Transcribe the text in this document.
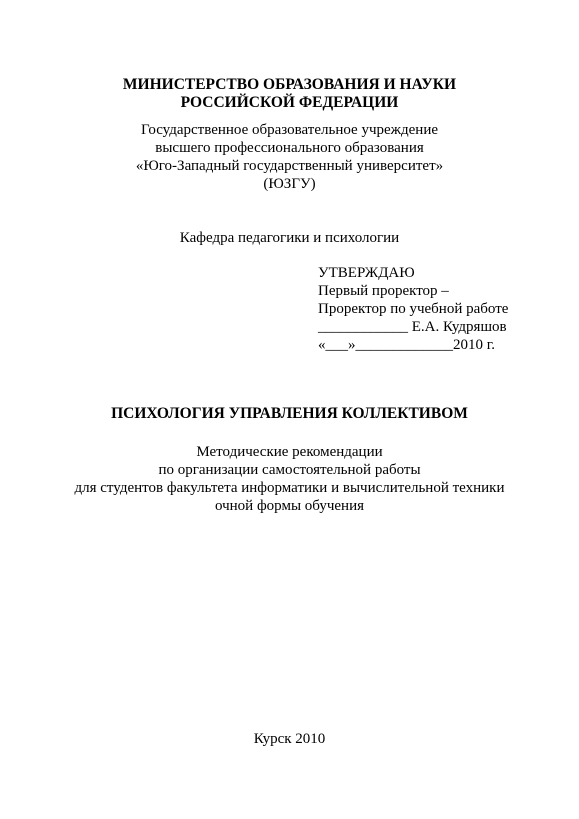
МИНИСТЕРСТВО ОБРАЗОВАНИЯ И НАУКИ
РОССИЙСКОЙ ФЕДЕРАЦИИ
Государственное образовательное учреждение
высшего профессионального образования
«Юго-Западный государственный университет»
(ЮЗГУ)
Кафедра педагогики и психологии
УТВЕРЖДАЮ
Первый проректор –
Проректор по учебной работе
____________ Е.А. Кудряшов
«___»_____________2010 г.
ПСИХОЛОГИЯ УПРАВЛЕНИЯ КОЛЛЕКТИВОМ
Методические рекомендации
по организации самостоятельной работы
для студентов факультета информатики и вычислительной техники
очной формы обучения
Курск 2010
